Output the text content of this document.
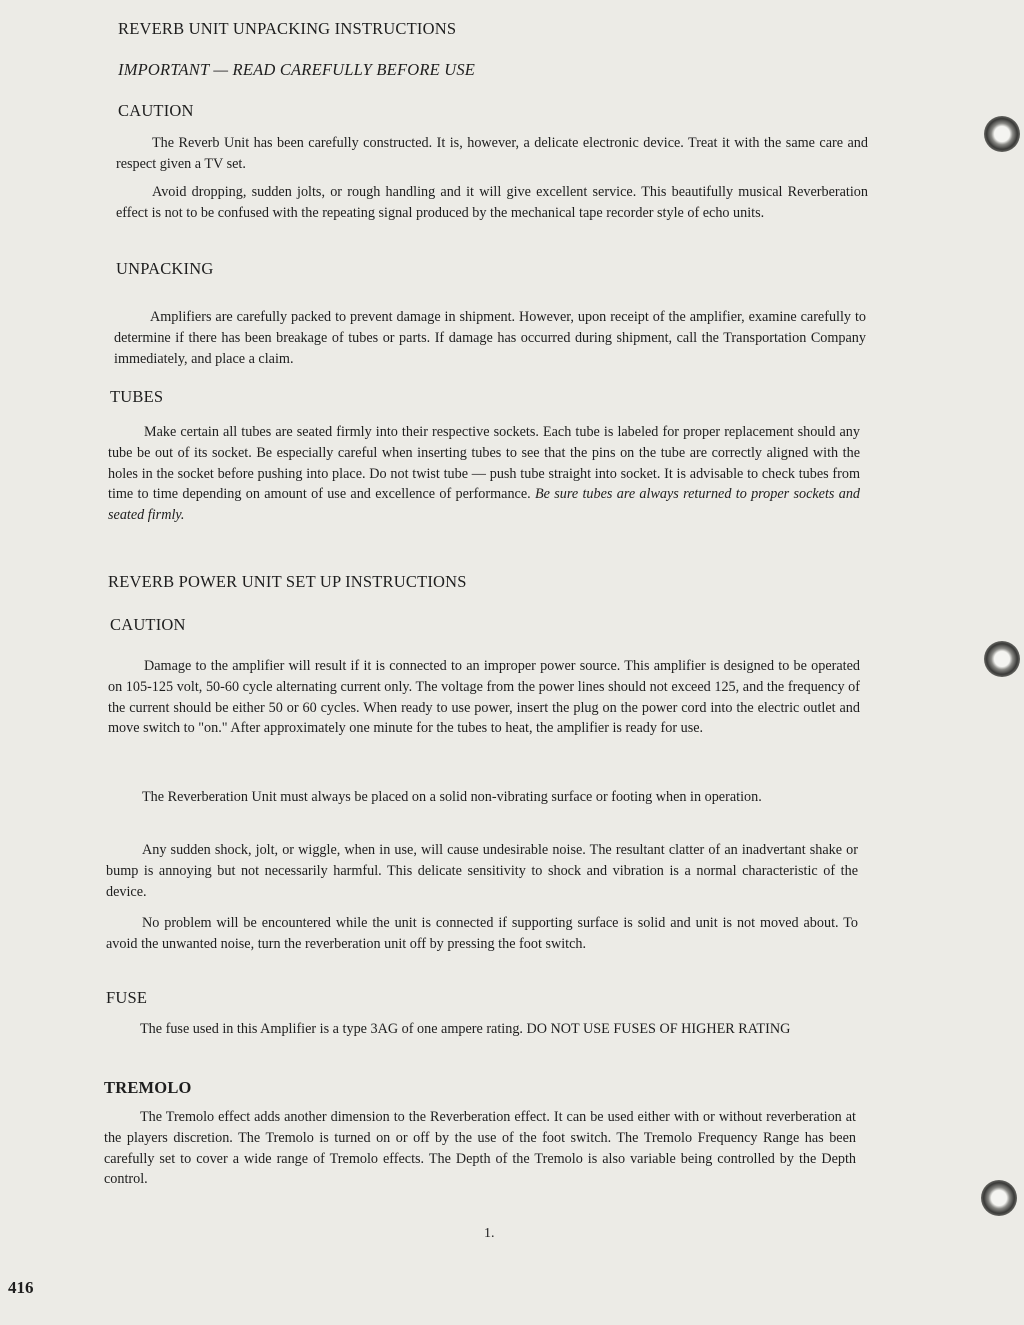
REVERB UNIT UNPACKING INSTRUCTIONS
IMPORTANT — READ CAREFULLY BEFORE USE
CAUTION
The Reverb Unit has been carefully constructed. It is, however, a delicate electronic device. Treat it with the same care and respect given a TV set.
Avoid dropping, sudden jolts, or rough handling and it will give excellent service. This beautifully musical Reverberation effect is not to be confused with the repeating signal produced by the mechanical tape recorder style of echo units.
UNPACKING
Amplifiers are carefully packed to prevent damage in shipment. However, upon receipt of the amplifier, examine carefully to determine if there has been breakage of tubes or parts. If damage has occurred during shipment, call the Transportation Company immediately, and place a claim.
TUBES
Make certain all tubes are seated firmly into their respective sockets. Each tube is labeled for proper replacement should any tube be out of its socket. Be especially careful when inserting tubes to see that the pins on the tube are correctly aligned with the holes in the socket before pushing into place. Do not twist tube — push tube straight into socket. It is advisable to check tubes from time to time depending on amount of use and excellence of performance. Be sure tubes are always returned to proper sockets and seated firmly.
REVERB POWER UNIT SET UP INSTRUCTIONS
CAUTION
Damage to the amplifier will result if it is connected to an improper power source. This amplifier is designed to be operated on 105-125 volt, 50-60 cycle alternating current only. The voltage from the power lines should not exceed 125, and the frequency of the current should be either 50 or 60 cycles. When ready to use power, insert the plug on the power cord into the electric outlet and move switch to "on." After approximately one minute for the tubes to heat, the amplifier is ready for use.
The Reverberation Unit must always be placed on a solid non-vibrating surface or footing when in operation.
Any sudden shock, jolt, or wiggle, when in use, will cause undesirable noise. The resultant clatter of an inadvertant shake or bump is annoying but not necessarily harmful. This delicate sensitivity to shock and vibration is a normal characteristic of the device.
No problem will be encountered while the unit is connected if supporting surface is solid and unit is not moved about. To avoid the unwanted noise, turn the reverberation unit off by pressing the foot switch.
FUSE
The fuse used in this Amplifier is a type 3AG of one ampere rating. DO NOT USE FUSES OF HIGHER RATING
TREMOLO
The Tremolo effect adds another dimension to the Reverberation effect. It can be used either with or without reverberation at the players discretion. The Tremolo is turned on or off by the use of the foot switch. The Tremolo Frequency Range has been carefully set to cover a wide range of Tremolo effects. The Depth of the Tremolo is also variable being controlled by the Depth control.
1.
416
